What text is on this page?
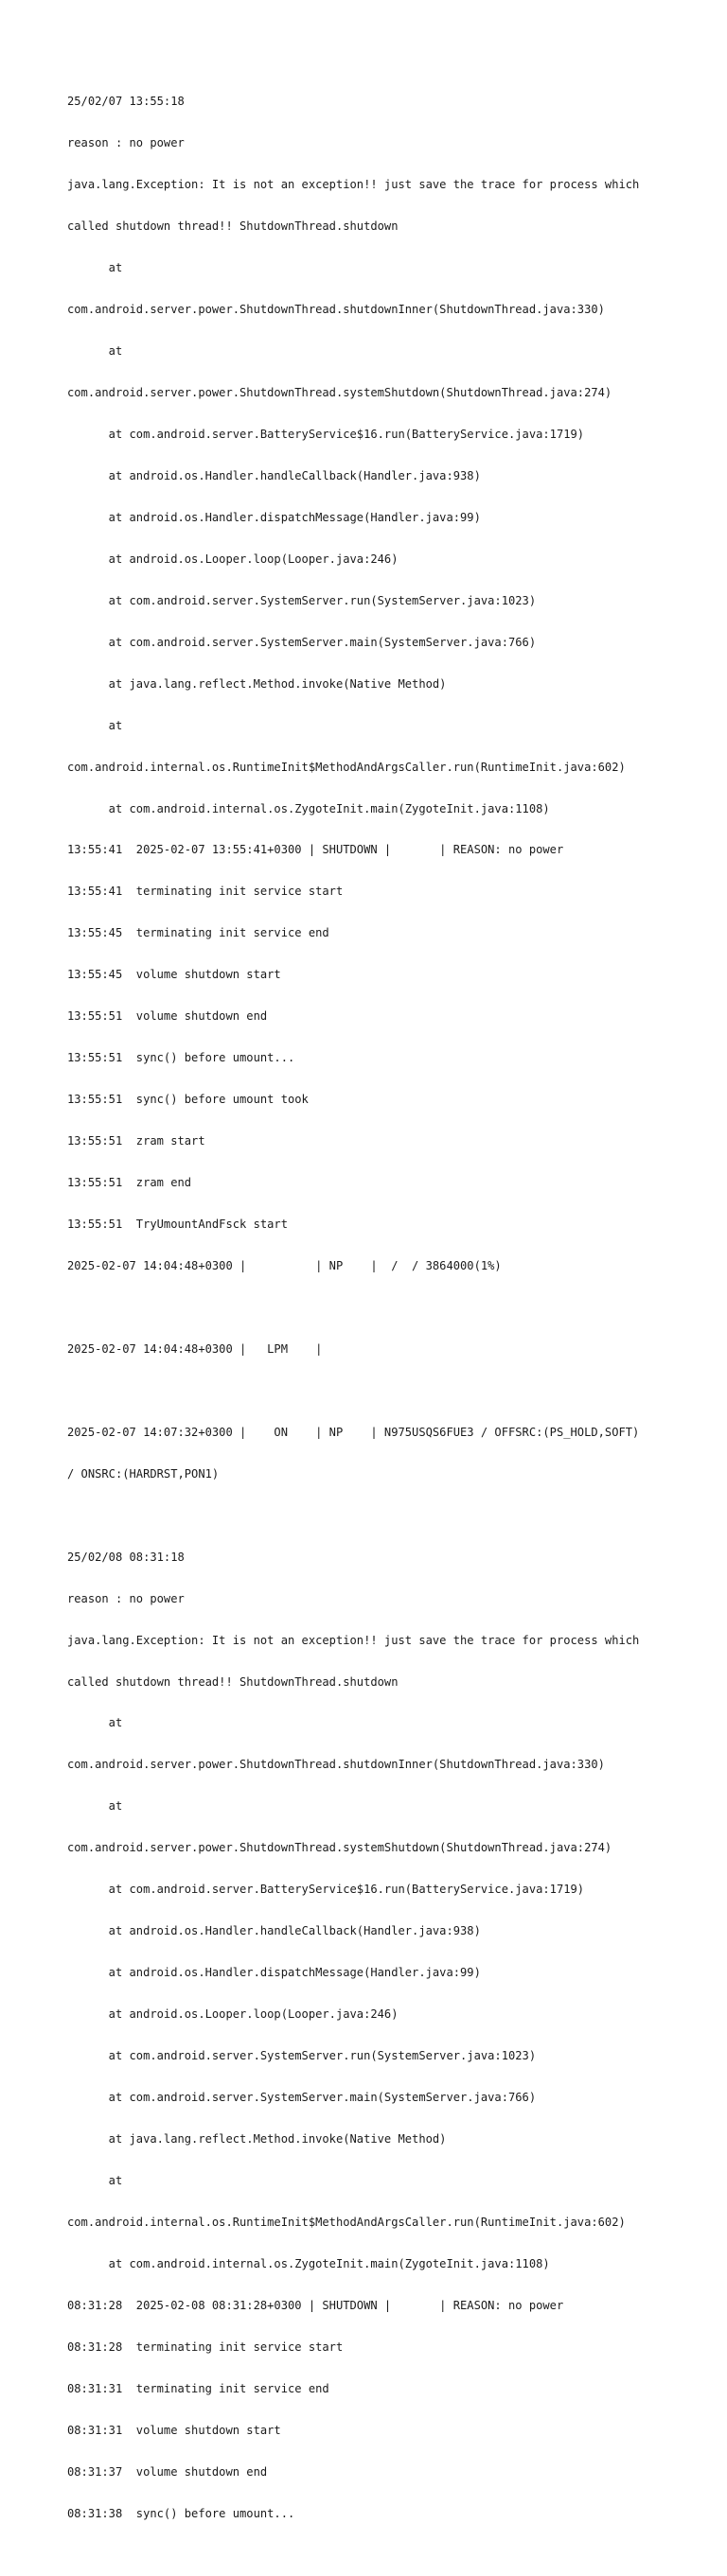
25/02/07 13:55:18

reason : no power

java.lang.Exception: It is not an exception!! just save the trace for process which

called shutdown thread!! ShutdownThread.shutdown

at

com.android.server.power.ShutdownThread.shutdownInner(ShutdownThread.java:330)

at

com.android.server.power.ShutdownThread.systemShutdown(ShutdownThread.java:274)

at com.android.server.BatteryService$16.run(BatteryService.java:1719)

at android.os.Handler.handleCallback(Handler.java:938)

at android.os.Handler.dispatchMessage(Handler.java:99)

at android.os.Looper.loop(Looper.java:246)

at com.android.server.SystemServer.run(SystemServer.java:1023)

at com.android.server.SystemServer.main(SystemServer.java:766)

at java.lang.reflect.Method.invoke(Native Method)

at

com.android.internal.os.RuntimeInit$MethodAndArgsCaller.run(RuntimeInit.java:602)

at com.android.internal.os.ZygoteInit.main(ZygoteInit.java:1108)

13:55:41  2025-02-07 13:55:41+0300 | SHUTDOWN |       | REASON: no power

13:55:41  terminating init service start

13:55:45  terminating init service end

13:55:45  volume shutdown start

13:55:51  volume shutdown end

13:55:51  sync() before umount...

13:55:51  sync() before umount took

13:55:51  zram start

13:55:51  zram end

13:55:51  TryUmountAndFsck start

2025-02-07 14:04:48+0300 |          | NP    |  /  / 3864000(1%)

2025-02-07 14:04:48+0300 |   LPM    |

2025-02-07 14:07:32+0300 |    ON    | NP    | N975USQS6FUE3 / OFFSRC:(PS_HOLD,SOFT)

/ ONSRC:(HARDRST,PON1)

25/02/08 08:31:18

reason : no power

java.lang.Exception: It is not an exception!! just save the trace for process which

called shutdown thread!! ShutdownThread.shutdown

at

com.android.server.power.ShutdownThread.shutdownInner(ShutdownThread.java:330)

at

com.android.server.power.ShutdownThread.systemShutdown(ShutdownThread.java:274)

at com.android.server.BatteryService$16.run(BatteryService.java:1719)

at android.os.Handler.handleCallback(Handler.java:938)

at android.os.Handler.dispatchMessage(Handler.java:99)

at android.os.Looper.loop(Looper.java:246)

at com.android.server.SystemServer.run(SystemServer.java:1023)

at com.android.server.SystemServer.main(SystemServer.java:766)

at java.lang.reflect.Method.invoke(Native Method)

at

com.android.internal.os.RuntimeInit$MethodAndArgsCaller.run(RuntimeInit.java:602)

at com.android.internal.os.ZygoteInit.main(ZygoteInit.java:1108)

08:31:28  2025-02-08 08:31:28+0300 | SHUTDOWN |       | REASON: no power

08:31:28  terminating init service start

08:31:31  terminating init service end

08:31:31  volume shutdown start

08:31:37  volume shutdown end

08:31:38  sync() before umount...
